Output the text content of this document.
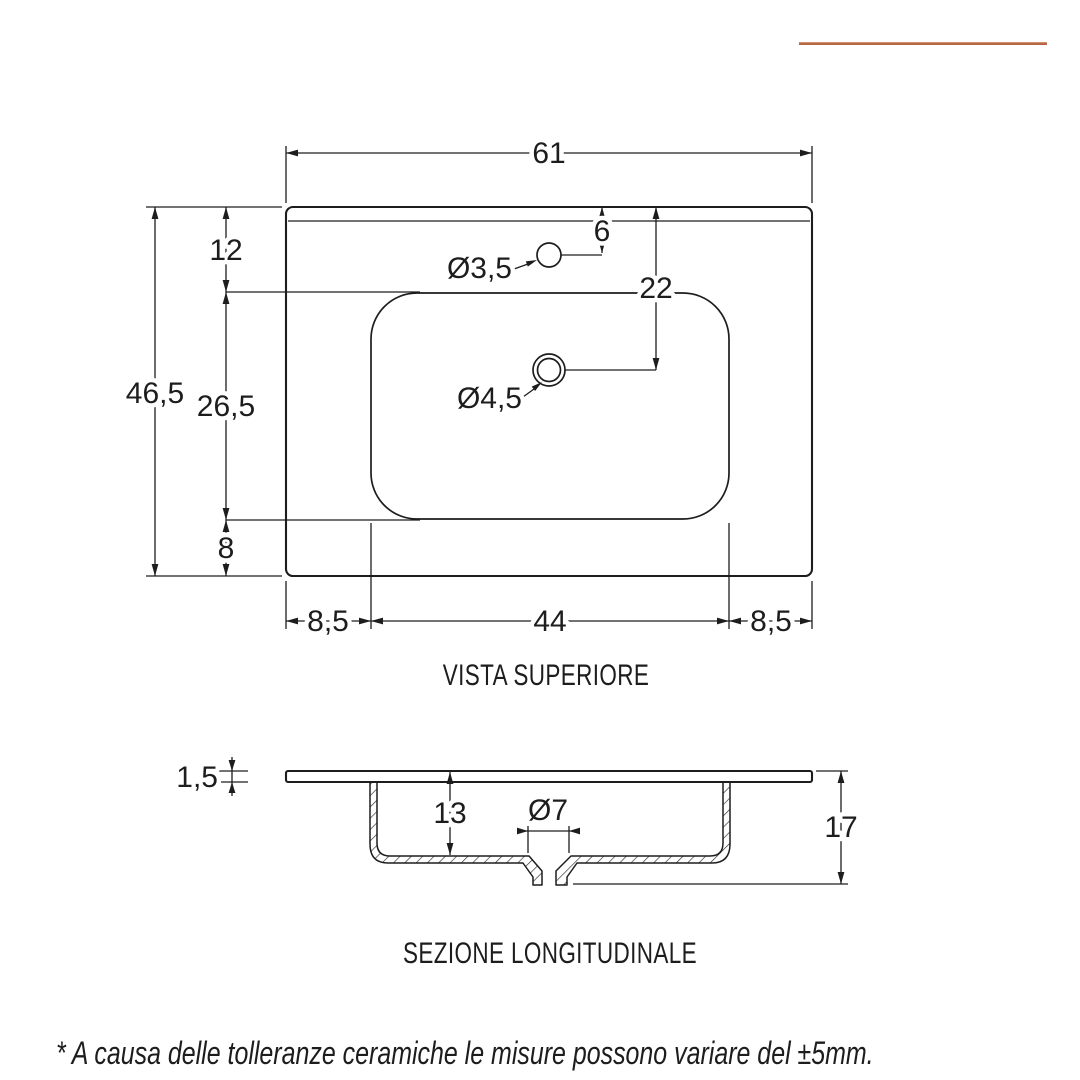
61
46,5
12
26,5
8
6
22
Ø3,5
Ø4,5
8,5	44	8,5
VISTA SUPERIORE
1,5
13 Ø7
17
SEZIONE LONGITUDINALE
* A causa delle tolleranze ceramiche le misure possono variare del ±5mm.
